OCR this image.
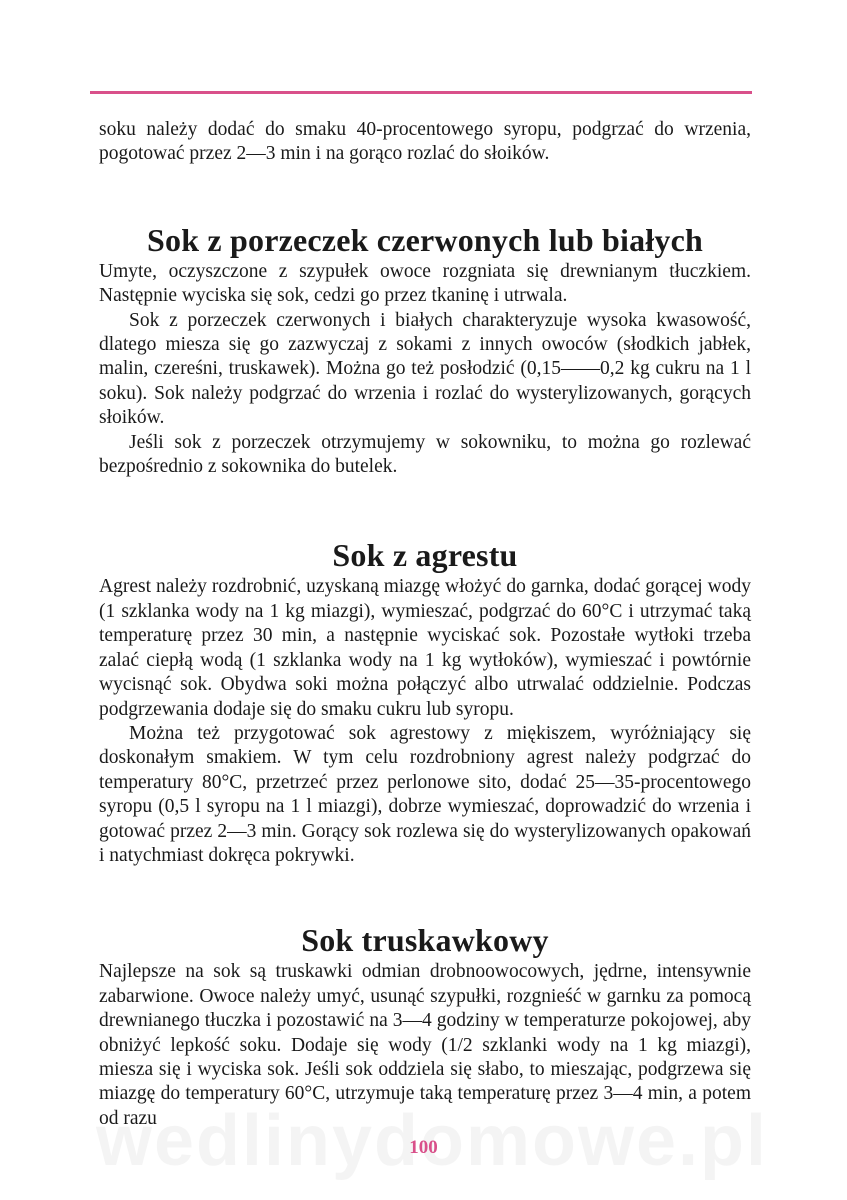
soku należy dodać do smaku 40-procentowego syropu, podgrzać do wrzenia, pogotować przez 2—3 min i na gorąco rozlać do słoików.

Sok z porzeczek czerwonych lub białych

Umyte, oczyszczone z szypułek owoce rozgniata się drewnianym tłuczkiem. Następnie wyciska się sok, cedzi go przez tkaninę i utrwala.

Sok z porzeczek czerwonych i białych charakteryzuje wysoka kwasowość, dlatego miesza się go zazwyczaj z sokami z innych owoców (słodkich jabłek, malin, czereśni, truskawek). Można go też posłodzić (0,15——0,2 kg cukru na 1 l soku). Sok należy podgrzać do wrzenia i rozlać do wysterylizowanych, gorących słoików.

Jeśli sok z porzeczek otrzymujemy w sokowniku, to można go rozlewać bezpośrednio z sokownika do butelek.

Sok z agrestu

Agrest należy rozdrobnić, uzyskaną miazgę włożyć do garnka, dodać gorącej wody (1 szklanka wody na 1 kg miazgi), wymieszać, podgrzać do 60°C i utrzymać taką temperaturę przez 30 min, a następnie wyciskać sok. Pozostałe wytłoki trzeba zalać ciepłą wodą (1 szklanka wody na 1 kg wytłoków), wymieszać i powtórnie wycisnąć sok. Obydwa soki można połączyć albo utrwalać oddzielnie. Podczas podgrzewania dodaje się do smaku cukru lub syropu.

Można też przygotować sok agrestowy z miękiszem, wyróżniający się doskonałym smakiem. W tym celu rozdrobniony agrest należy podgrzać do temperatury 80°C, przetrzeć przez perlonowe sito, dodać 25—35-procentowego syropu (0,5 l syropu na 1 l miazgi), dobrze wymieszać, doprowadzić do wrzenia i gotować przez 2—3 min. Gorący sok rozlewa się do wysterylizowanych opakowań i natychmiast dokręca pokrywki.

Sok truskawkowy

Najlepsze na sok są truskawki odmian drobnoowocowych, jędrne, intensywnie zabarwione. Owoce należy umyć, usunąć szypułki, rozgnieść w garnku za pomocą drewnianego tłuczka i pozostawić na 3—4 godziny w temperaturze pokojowej, aby obniżyć lepkość soku. Dodaje się wody (1/2 szklanki wody na 1 kg miazgi), miesza się i wyciska sok. Jeśli sok oddziela się słabo, to mieszając, podgrzewa się miazgę do temperatury 60°C, utrzymuje taką temperaturę przez 3—4 min, a potem od razu

100
